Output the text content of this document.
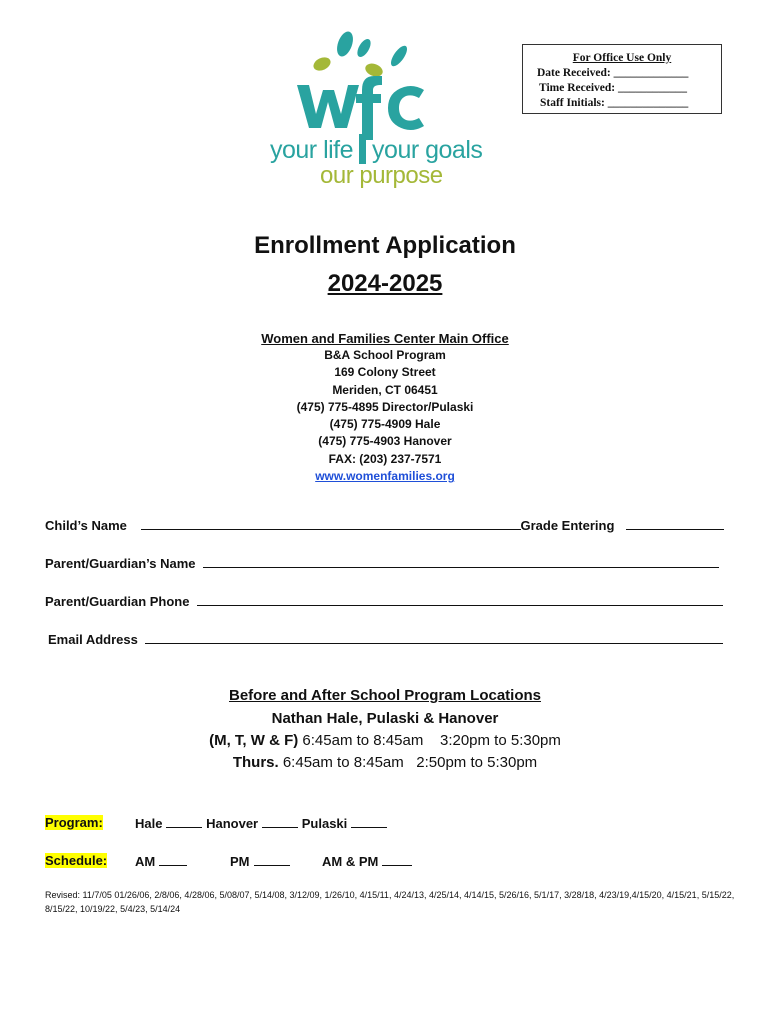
your life your goals
our purpose
For Office Use Only
Date Received: _____________
Time Received: ____________
Staff Initials: ______________
Enrollment Application
2024-2025
Women and Families Center Main Office
B&A School Program
169 Colony Street
Meriden, CT 06451
(475) 775-4895 Director/Pulaski
(475) 775-4909 Hale
(475) 775-4903 Hanover
FAX: (203) 237-7571
www.womenfamilies.org
Child’s Name	Grade Entering
Parent/Guardian’s Name
Parent/Guardian Phone
Email Address
Before and After School Program Locations
Nathan Hale, Pulaski & Hanover
(M, T, W & F) 6:45am to 8:45am    3:20pm to 5:30pm
Thurs. 6:45am to 8:45am   2:50pm to 5:30pm
Program: Hale	Hanover	Pulaski
Schedule: AM	PM	AM & PM
Revised: 11/7/05 01/26/06, 2/8/06, 4/28/06, 5/08/07, 5/14/08, 3/12/09, 1/26/10, 4/15/11, 4/24/13, 4/25/14, 4/14/15, 5/26/16, 5/1/17, 3/28/18, 4/23/19,4/15/20, 4/15/21, 5/15/22, 8/15/22, 10/19/22, 5/4/23, 5/14/24
